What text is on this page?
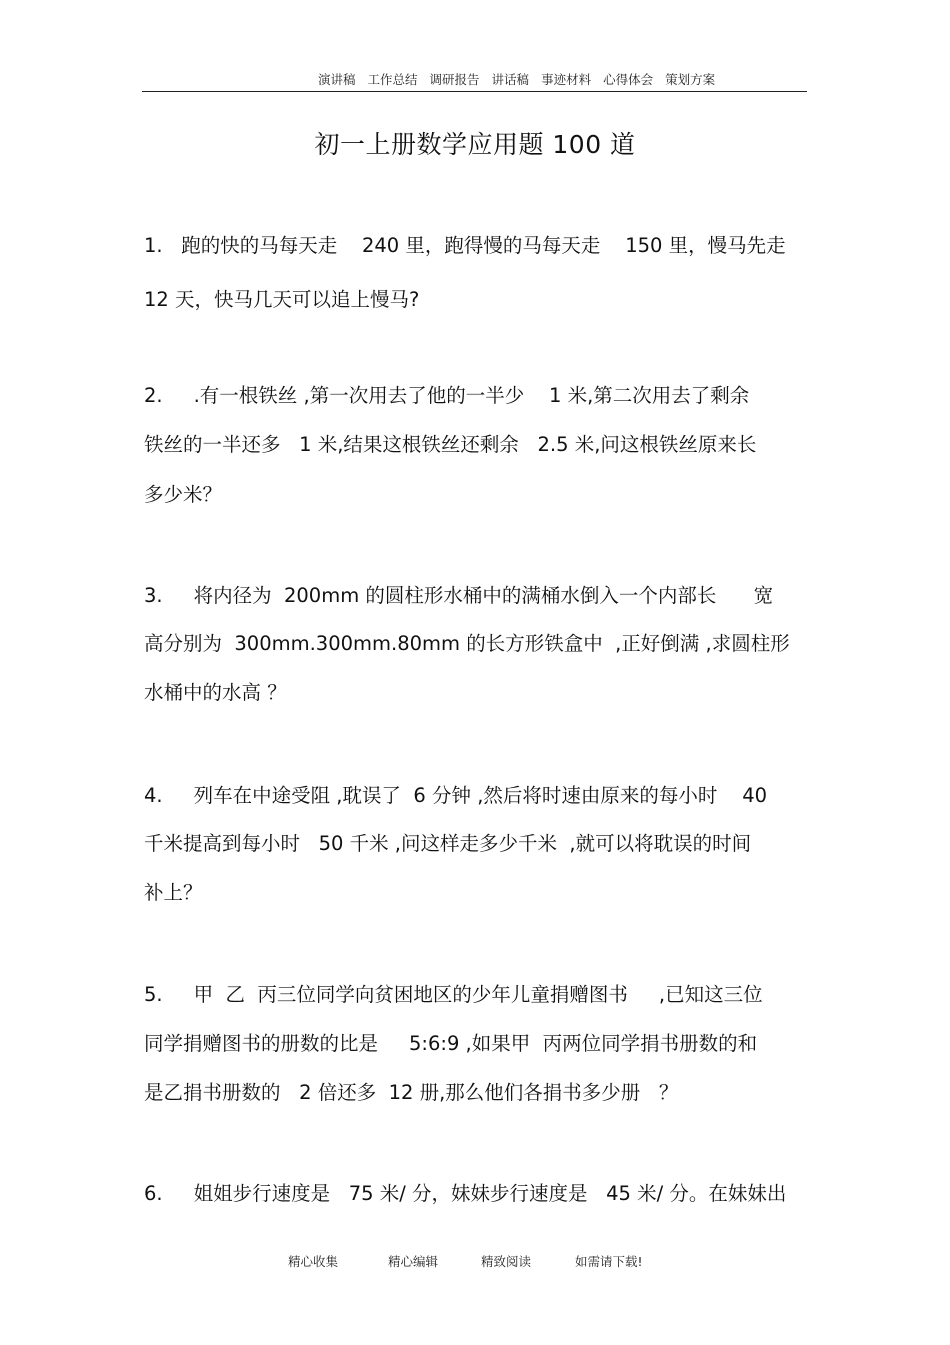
演讲稿 工作总结 调研报告 讲话稿 事迹材料 心得体会 策划方案
初一上册数学应用题 100 道
1.   跑的快的马每天走    240 里，跑得慢的马每天走    150 里，慢马先走
12 天，快马几天可以追上慢马?
2.     .有一根铁丝 ,第一次用去了他的一半少    1 米,第二次用去了剩余
铁丝的一半还多   1 米,结果这根铁丝还剩余   2.5 米,问这根铁丝原来长
多少米？
3.     将内径为  200mm 的圆柱形水桶中的满桶水倒入一个内部长      宽
高分别为  300mm.300mm.80mm 的长方形铁盒中  ,正好倒满 ,求圆柱形
水桶中的水高 ？
4.     列车在中途受阻 ,耽误了  6 分钟 ,然后将时速由原来的每小时    40
千米提高到每小时   50 千米 ,问这样走多少千米  ,就可以将耽误的时间
补上？
5.     甲  乙  丙三位同学向贫困地区的少年儿童捐赠图书     ,已知这三位
同学捐赠图书的册数的比是     5:6:9 ,如果甲  丙两位同学捐书册数的和
是乙捐书册数的   2 倍还多  12 册,那么他们各捐书多少册   ？
6.     姐姐步行速度是   75 米/ 分，妹妹步行速度是   45 米/ 分。在妹妹出
精心收集	精心编辑	精致阅读	如需请下载!
